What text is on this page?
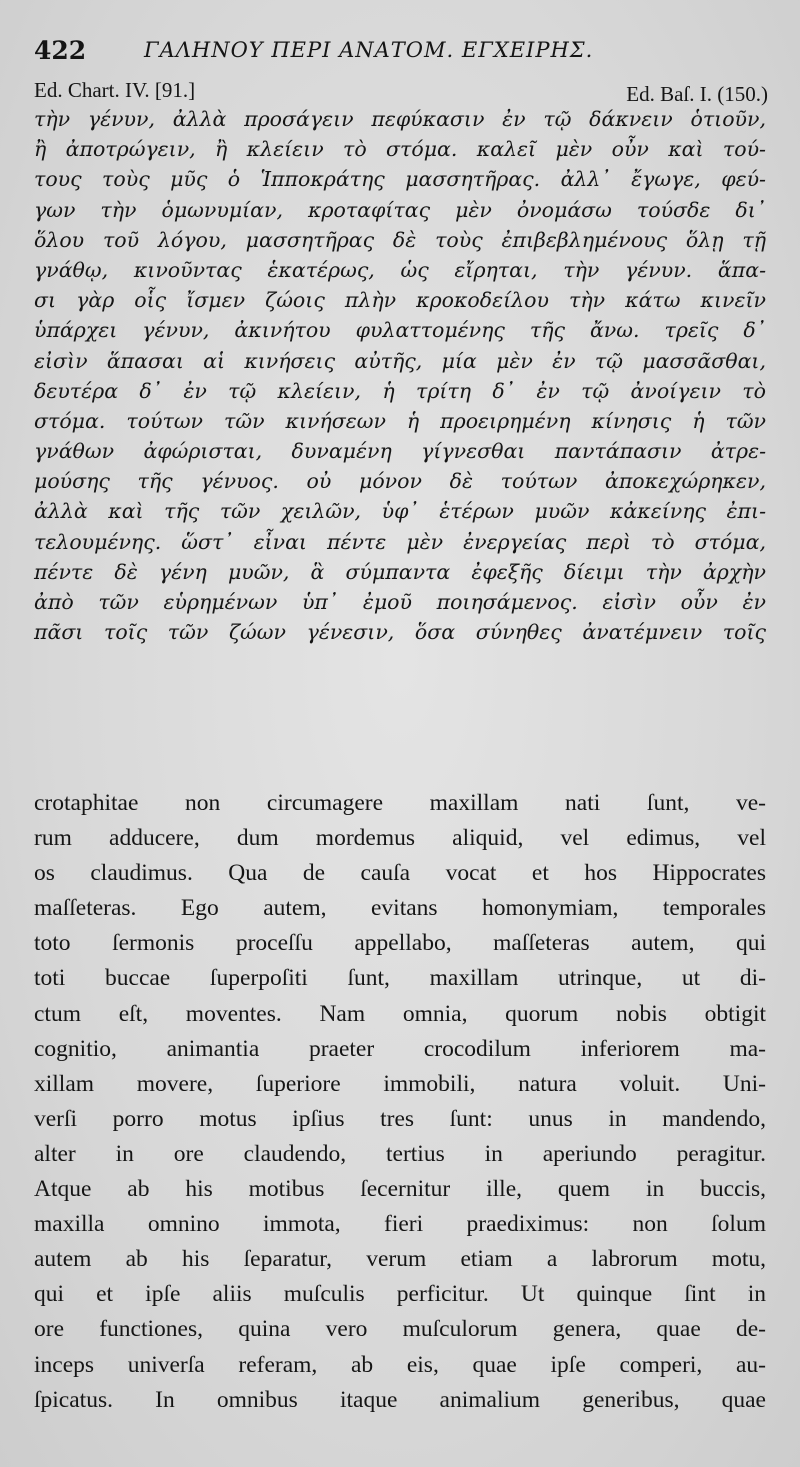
422	ΓΑΛΗΝΟΥ ΠΕΡΙ ΑΝΑΤΟΜ. ΕΓΧΕΙΡΗΣ.
Ed. Chart. IV. [91.]	Ed. Baſ. I. (150.)
τὴν γένυν, ἀλλὰ προσάγειν πεφύκασιν ἐν τῷ δάκνειν ὁτιοῦν,
ἢ ἀποτρώγειν, ἢ κλείειν τὸ στόμα. καλεῖ μὲν οὖν καὶ τού-
τους τοὺς μῦς ὁ Ἱπποκράτης μασσητῆρας. ἀλλ᾽ ἔγωγε, φεύ-
γων τὴν ὁμωνυμίαν, κροταφίτας μὲν ὀνομάσω τούσδε δι᾽
ὅλου τοῦ λόγου, μασσητῆρας δὲ τοὺς ἐπιβεβλημένους ὅλῃ τῇ
γνάθῳ, κινοῦντας ἑκατέρως, ὡς εἴρηται, τὴν γένυν. ἅπα-
σι γὰρ οἷς ἴσμεν ζώοις πλὴν κροκοδείλου τὴν κάτω κινεῖν
ὑπάρχει γένυν, ἀκινήτου φυλαττομένης τῆς ἄνω. τρεῖς δ᾽
εἰσὶν ἅπασαι αἱ κινήσεις αὐτῆς, μία μὲν ἐν τῷ μασσᾶσθαι,
δευτέρα δ᾽ ἐν τῷ κλείειν, ἡ τρίτη δ᾽ ἐν τῷ ἀνοίγειν τὸ
στόμα. τούτων τῶν κινήσεων ἡ προειρημένη κίνησις ἡ τῶν
γνάθων ἀφώρισται, δυναμένη γίγνεσθαι παντάπασιν ἀτρε-
μούσης τῆς γένυος. οὐ μόνον δὲ τούτων ἀποκεχώρηκεν,
ἀλλὰ καὶ τῆς τῶν χειλῶν, ὑφ᾽ ἑτέρων μυῶν κἀκείνης ἐπι-
τελουμένης. ὥστ᾽ εἶναι πέντε μὲν ἐνεργείας περὶ τὸ στόμα,
πέντε δὲ γένη μυῶν, ἃ σύμπαντα ἐφεξῆς δίειμι τὴν ἀρχὴν
ἀπὸ τῶν εὑρημένων ὑπ᾽ ἐμοῦ ποιησάμενος. εἰσὶν οὖν ἐν
πᾶσι τοῖς τῶν ζώων γένεσιν, ὅσα σύνηθες ἀνατέμνειν τοῖς
crotaphitae non circumagere maxillam nati ſunt, ve-
rum adducere, dum mordemus aliquid, vel edimus, vel
os claudimus. Qua de cauſa vocat et hos Hippocrates
maſſeteras. Ego autem, evitans homonymiam, temporales
toto ſermonis proceſſu appellabo, maſſeteras autem, qui
toti buccae ſuperpoſiti ſunt, maxillam utrinque, ut di-
ctum eſt, moventes. Nam omnia, quorum nobis obtigit
cognitio, animantia praeter crocodilum inferiorem ma-
xillam movere, ſuperiore immobili, natura voluit. Uni-
verſi porro motus ipſius tres ſunt: unus in mandendo,
alter in ore claudendo, tertius in aperiundo peragitur.
Atque ab his motibus ſecernitur ille, quem in buccis,
maxilla omnino immota, fieri praediximus: non ſolum
autem ab his ſeparatur, verum etiam a labrorum motu,
qui et ipſe aliis muſculis perficitur. Ut quinque ſint in
ore functiones, quina vero muſculorum genera, quae de-
inceps univerſa referam, ab eis, quae ipſe comperi, au-
ſpicatus. In omnibus itaque animalium generibus, quae
